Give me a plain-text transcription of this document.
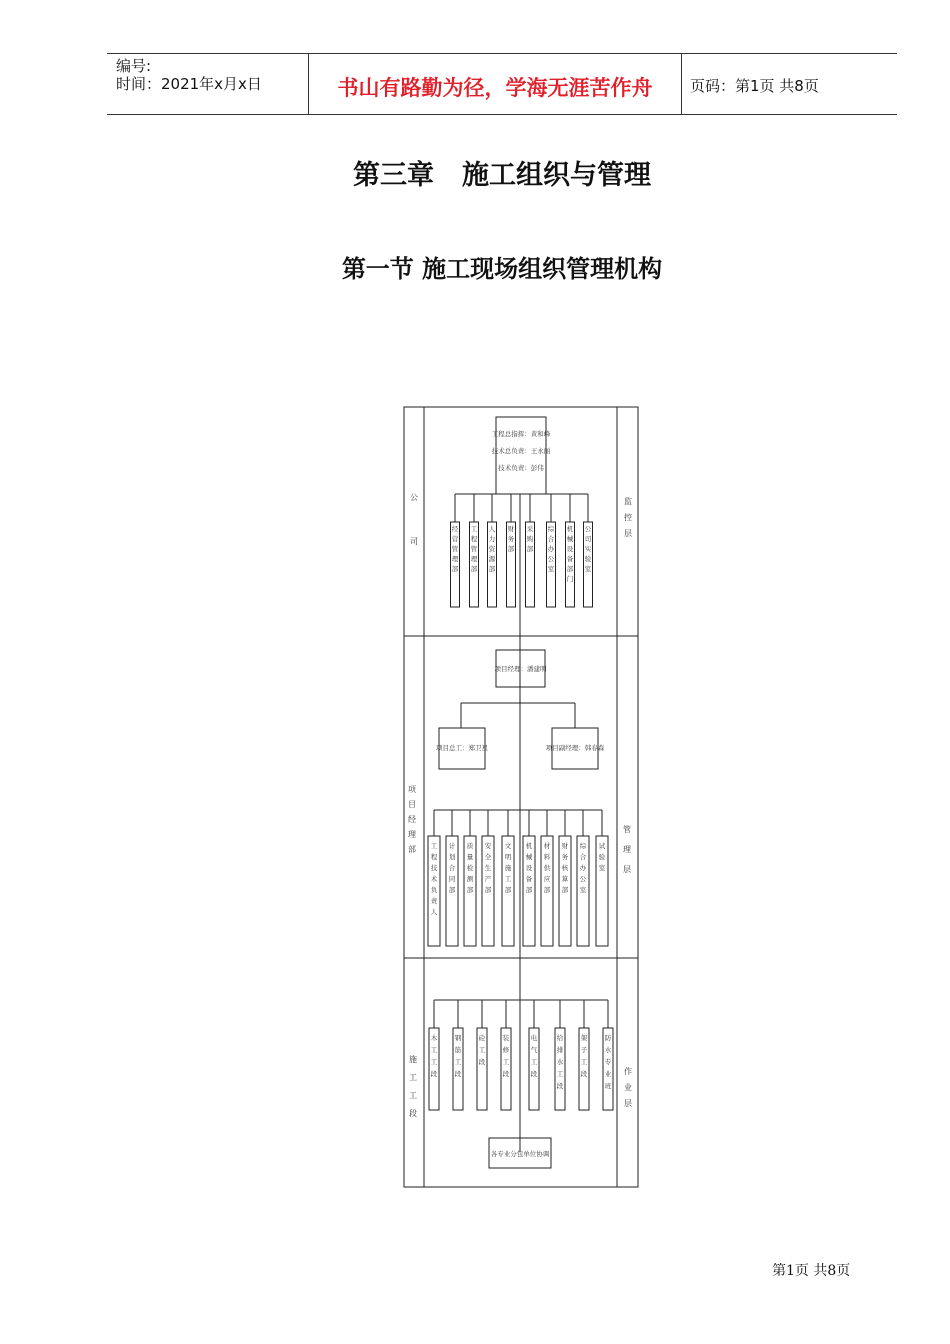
编号:
时间：2021年x月x日	书山有路勤为径，学海无涯苦作舟	页码：第1页 共8页
第三章 施工组织与管理
第一节 施工现场组织管理机构
公司
监控层
工程总指挥：黄和峰
技术总负责：王永丽
技术负责：彭伟
经营管理部
工程管理部
人力资源部
财务部
采购部
综合办公室
机械设备部门
公司实验室
项目经理部
管理层
项目经理：潘建明
项目总工：郑卫星	项目副经理：韩春森
工程技术负责人
计划合同部
质量检测部
安全生产部
文明施工部
机械设备部
材料供应部
财务核算部
综合办公室
试验室
施工工段
作业层
木工工段
钢筋工段
砼工段
装修工段
电气工段
给排水工段
架子工段
防水专业班
各专业分包单位协调
第1页 共8页
